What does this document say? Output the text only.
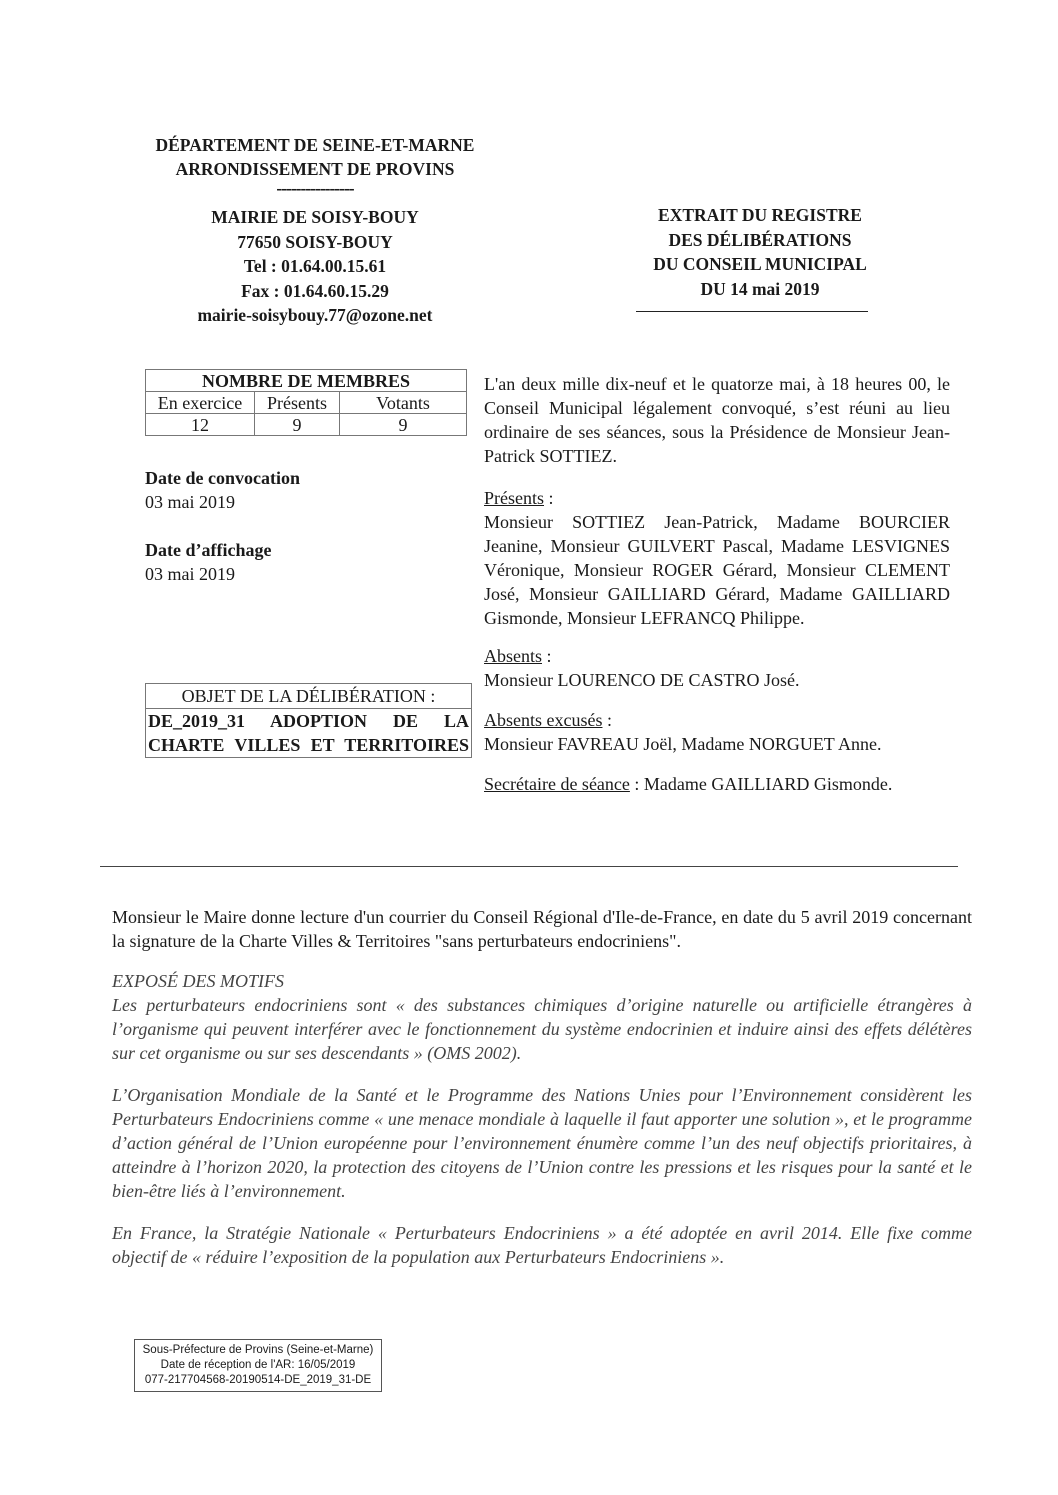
DÉPARTEMENT DE SEINE-ET-MARNE
ARRONDISSEMENT DE PROVINS
----------------
MAIRIE DE SOISY-BOUY
77650 SOISY-BOUY
Tel : 01.64.00.15.61
Fax : 01.64.60.15.29
mairie-soisybouy.77@ozone.net
EXTRAIT DU REGISTRE
DES DÉLIBÉRATIONS
DU CONSEIL MUNICIPAL
DU 14 mai 2019
NOMBRE DE MEMBRES		
En exercice	Présents	Votants
12	9	9
Date de convocation
03 mai 2019
Date d’affichage
03 mai 2019
OBJET DE LA DÉLIBÉRATION :
DE_2019_31 ADOPTION DE LA CHARTE VILLES ET TERRITOIRES

L'an deux mille dix-neuf et le quatorze mai, à 18 heures 00, le Conseil Municipal légalement convoqué, s’est réuni au lieu ordinaire de ses séances, sous la Présidence de Monsieur Jean-Patrick SOTTIEZ.

Présents :

Monsieur SOTTIEZ Jean-Patrick, Madame BOURCIER Jeanine, Monsieur GUILVERT Pascal, Madame LESVIGNES Véronique, Monsieur ROGER Gérard, Monsieur CLEMENT José, Monsieur GAILLIARD Gérard, Madame GAILLIARD Gismonde, Monsieur LEFRANCQ Philippe.

Absents :

Monsieur LOURENCO DE CASTRO José.

Absents excusés :

Monsieur FAVREAU Joël, Madame NORGUET Anne.

Secrétaire de séance : Madame GAILLIARD Gismonde.

Monsieur le Maire donne lecture d'un courrier du Conseil Régional d'Ile-de-France, en date du 5 avril 2019 concernant la signature de la Charte Villes & Territoires "sans perturbateurs endocriniens".

EXPOSÉ DES MOTIFS

Les perturbateurs endocriniens sont « des substances chimiques d’origine naturelle ou artificielle étrangères à l’organisme qui peuvent interférer avec le fonctionnement du système endocrinien et induire ainsi des effets délétères sur cet organisme ou sur ses descendants » (OMS 2002).

L’Organisation Mondiale de la Santé et le Programme des Nations Unies pour l’Environnement considèrent les Perturbateurs Endocriniens comme « une menace mondiale à laquelle il faut apporter une solution », et le programme d’action général de l’Union européenne pour l’environnement énumère comme l’un des neuf objectifs prioritaires, à atteindre à l’horizon 2020, la protection des citoyens de l’Union contre les pressions et les risques pour la santé et le bien-être liés à l’environnement.

En France, la Stratégie Nationale « Perturbateurs Endocriniens » a été adoptée en avril 2014. Elle fixe comme objectif de « réduire l’exposition de la population aux Perturbateurs Endocriniens ».

Sous-Préfecture de Provins (Seine-et-Marne)
Date de réception de l'AR: 16/05/2019
077-217704568-20190514-DE_2019_31-DE
